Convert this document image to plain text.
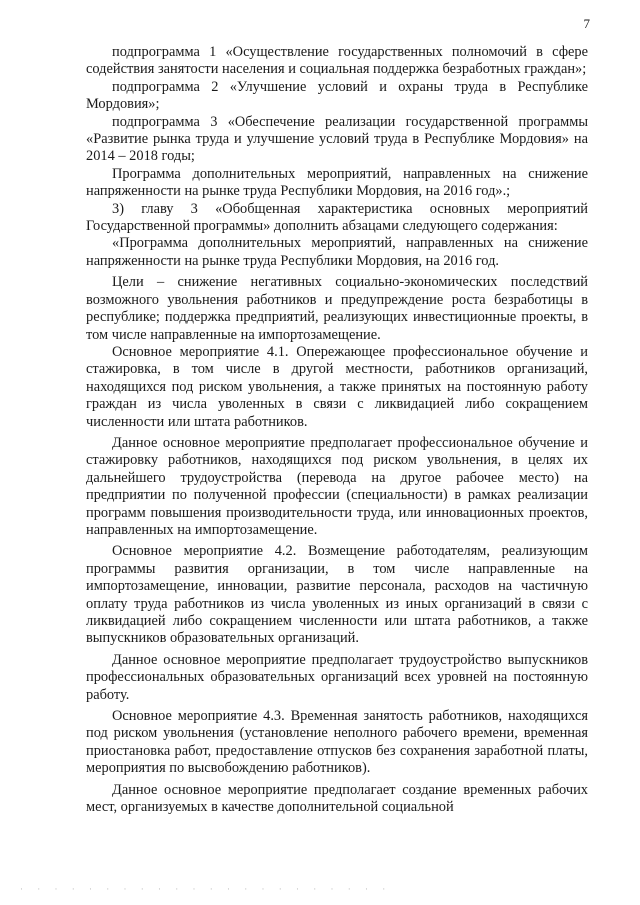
7

подпрограмма 1 «Осуществление государственных полномочий в сфере содействия занятости населения и социальная поддержка безработных граждан»;

подпрограмма 2 «Улучшение условий и охраны труда в Республике Мордовия»;

подпрограмма 3 «Обеспечение реализации государственной программы «Развитие рынка труда и улучшение условий труда в Республике Мордовия» на 2014 – 2018 годы;

Программа дополнительных мероприятий, направленных на снижение напряженности на рынке труда Республики Мордовия, на 2016 год».;

3) главу 3 «Обобщенная характеристика основных мероприятий Государственной программы» дополнить абзацами следующего содержания:

«Программа дополнительных мероприятий, направленных на снижение напряженности на рынке труда Республики Мордовия, на 2016 год.

Цели – снижение негативных социально-экономических последствий возможного увольнения работников и предупреждение роста безработицы в республике; поддержка предприятий, реализующих инвестиционные проекты, в том числе направленные на импортозамещение.

Основное мероприятие 4.1. Опережающее профессиональное обучение и стажировка, в том числе в другой местности, работников организаций, находящихся под риском увольнения, а также принятых на постоянную работу граждан из числа уволенных в связи с ликвидацией либо сокращением численности или штата работников.

Данное основное мероприятие предполагает профессиональное обучение и стажировку работников, находящихся под риском увольнения, в целях их дальнейшего трудоустройства (перевода на другое рабочее место) на предприятии по полученной профессии (специальности) в рамках реализации программ повышения производительности труда, или инновационных проектов, направленных на импортозамещение.

Основное мероприятие 4.2. Возмещение работодателям, реализующим программы развития организации, в том числе направленные на импортозамещение, инновации, развитие персонала, расходов на частичную оплату труда работников из числа уволенных из иных организаций в связи с ликвидацией либо сокращением численности или штата работников, а также выпускников образовательных организаций.

Данное основное мероприятие предполагает трудоустройство выпускников профессиональных образовательных организаций всех уровней на постоянную работу.

Основное мероприятие 4.3. Временная занятость работников, находящихся под риском увольнения (установление неполного рабочего времени, временная приостановка работ, предоставление отпусков без сохранения заработной платы, мероприятия по высвобождению работников).

Данное основное мероприятие предполагает создание временных рабочих мест, организуемых в качестве дополнительной социальной

· · · · · · · · · · · · · · · · · · · · · ·
